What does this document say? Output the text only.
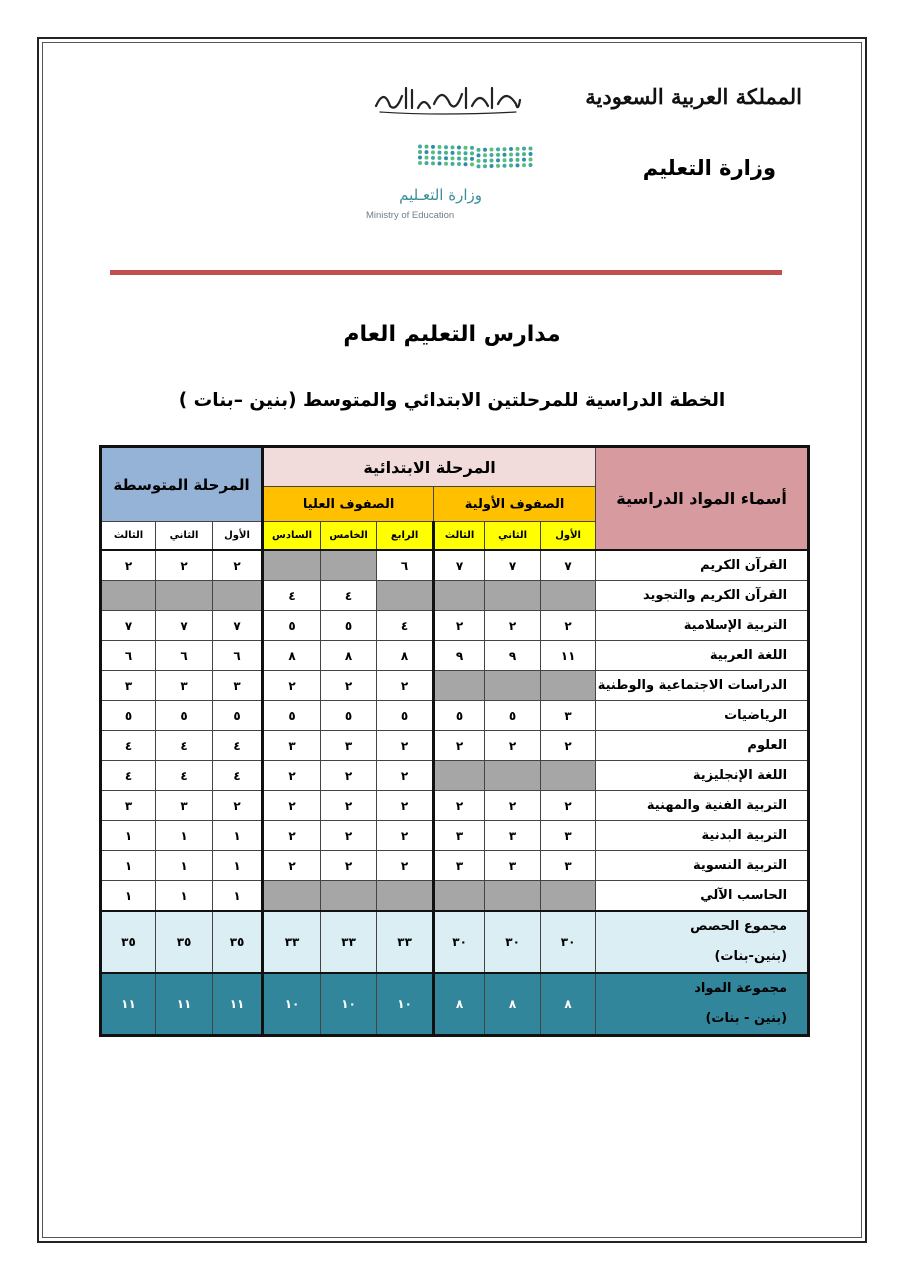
المملكة العربية السعودية
وزارة التعليم
وزارة التعـليم
Ministry of Education
مدارس التعليم العام
الخطة الدراسية للمرحلتين الابتدائي والمتوسط (بنين –بنات )
أسماء المواد الدراسية	المرحلة الابتدائية						المرحلة المتوسطة		
	الصفوف الأولية			الصفوف العليا					
	الأول	الثاني	الثالث	الرابع	الخامس	السادس	الأول	الثاني	الثالث
القرآن الكريم	٧	٧	٧	٦			٢	٢	٢
القرآن الكريم والتجويد					٤	٤			
التربية الإسلامية	٢	٢	٢	٤	٥	٥	٧	٧	٧
اللغة العربية	١١	٩	٩	٨	٨	٨	٦	٦	٦
الدراسات الاجتماعية والوطنية				٢	٢	٢	٣	٣	٣
الرياضيات	٣	٥	٥	٥	٥	٥	٥	٥	٥
العلوم	٢	٢	٢	٢	٣	٣	٤	٤	٤
اللغة الإنجليزية				٢	٢	٢	٤	٤	٤
التربية الفنية والمهنية	٢	٢	٢	٢	٢	٢	٢	٣	٣
التربية البدنية	٣	٣	٣	٢	٢	٢	١	١	١
التربية النسوية	٣	٣	٣	٢	٢	٢	١	١	١
الحاسب الآلي							١	١	١

مجموع الحصص
(بنين-بنات)	٣٠	٣٠	٣٠	٣٣	٣٣	٣٣	٣٥	٣٥	٣٥

مجموعة المواد
(بنين - بنات)	٨	٨	٨	١٠	١٠	١٠	١١	١١	١١
